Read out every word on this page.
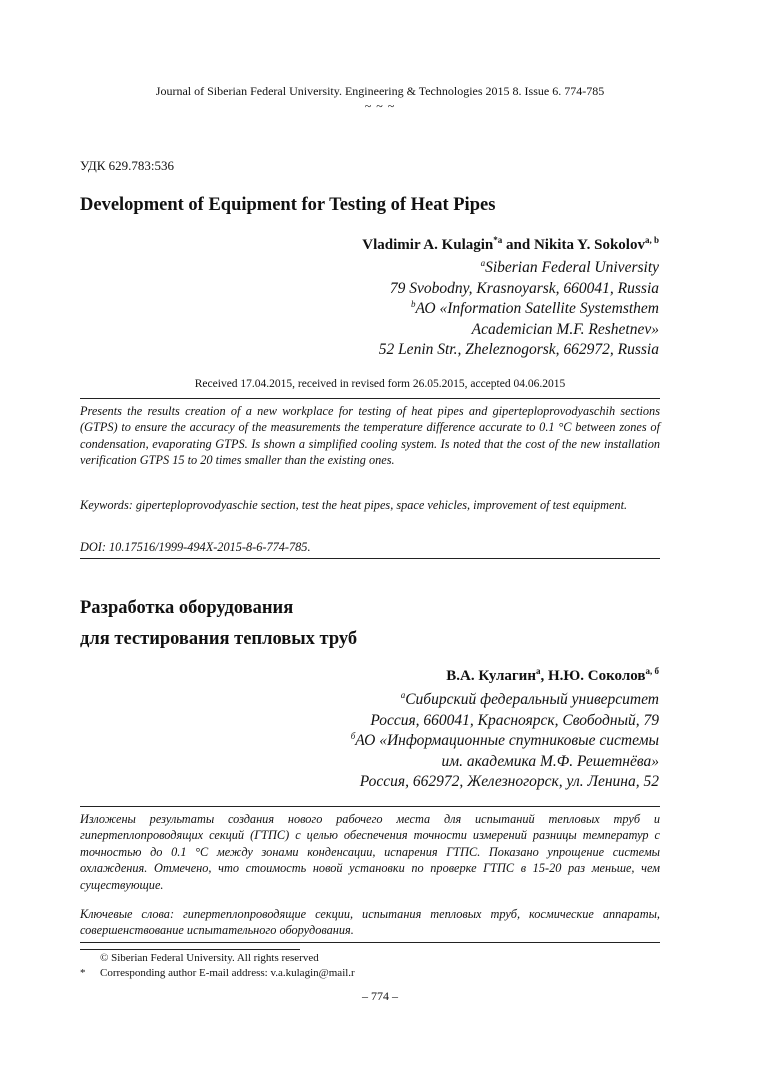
Journal of Siberian Federal University. Engineering & Technologies 2015 8. Issue 6. 774-785
~ ~ ~
УДК 629.783:536
Development of Equipment for Testing of Heat Pipes
Vladimir A. Kulagin$^{*a}$ and Nikita Y. Sokolov$^{a, b}$
$^a$Siberian Federal University
79 Svobodny, Krasnoyarsk, 660041, Russia
$^b$АО «Information Satellite Systemsthem
Academician M.F. Reshetnev»
52 Lenin Str., Zheleznogorsk, 662972, Russia
Received 17.04.2015, received in revised form 26.05.2015, accepted 04.06.2015
Presents the results creation of a new workplace for testing of heat pipes and giperteploprovodyaschih sections (GTPS) to ensure the accuracy of the measurements the temperature difference accurate to 0.1 °С between zones of condensation, evaporating GTPS. Is shown a simplified cooling system. Is noted that the cost of the new installation verification GTPS 15 to 20 times smaller than the existing ones.
Keywords: giperteploprovodyaschie section, test the heat pipes, space vehicles, improvement of test equipment.
DOI: 10.17516/1999-494X-2015-8-6-774-785.
Разработка оборудования
для тестирования тепловых труб
В.А. Кулагин$^а$, Н.Ю. Соколов$^{а, б}$
$^а$Сибирский федеральный университет
Россия, 660041, Красноярск, Свободный, 79
$^б$АО «Информационные спутниковые системы
им. академика М.Ф. Решетнёва»
Россия, 662972, Железногорск, ул. Ленина, 52
Изложены результаты создания нового рабочего места для испытаний тепловых труб и гипертеплопроводящих секций (ГТПС) с целью обеспечения точности измерений разницы температур с точностью до 0.1 °С между зонами конденсации, испарения ГТПС. Показано упрощение системы охлаждения. Отмечено, что стоимость новой установки по проверке ГТПС в 15-20 раз меньше, чем существующие.
Ключевые слова: гипертеплопроводящие секции, испытания тепловых труб, космические аппараты, совершенствование испытательного оборудования.
© Siberian Federal University. All rights reserved
* Corresponding author E-mail address: v.a.kulagin@mail.r
– 774 –
